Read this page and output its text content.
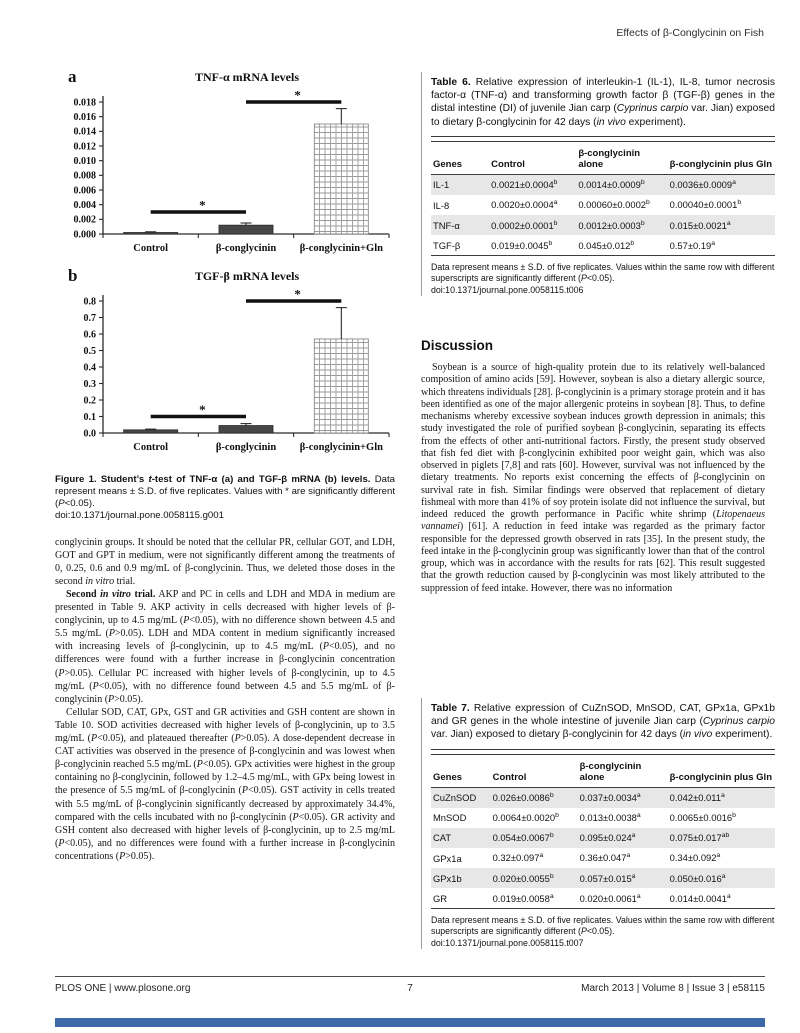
Effects of β-Conglycinin on Fish
a	TNF-α mRNA levels
0.000
0.002
0.004
0.006
0.008
0.010
0.012
0.014
0.016
0.018
*
*
Control	β-conglycinin β-conglycinin+Gln
b	TGF-β mRNA levels
0.0
0.1
0.2
0.3
0.4
0.5
0.6
0.7
0.8
*
*
Control	β-conglycinin β-conglycinin+Gln
Figure 1. Student’s t-test of TNF-α (a) and TGF-β mRNA (b) levels. Data represent means ± S.D. of five replicates. Values with * are significantly different (P<0.05).
doi:10.1371/journal.pone.0058115.g001
conglycinin groups. It should be noted that the cellular PR, cellular GOT, and LDH, GOT and GPT in medium, were not significantly different among the treatments of 0, 0.25, 0.6 and 0.9 mg/mL of β-conglycinin. Thus, we deleted those doses in the second in vitro trial.
Second in vitro trial. AKP and PC in cells and LDH and MDA in medium are presented in Table 9. AKP activity in cells decreased with higher levels of β-conglycinin, up to 4.5 mg/mL (P<0.05), with no difference shown between 4.5 and 5.5 mg/mL (P>0.05). LDH and MDA content in medium significantly increased with increasing levels of β-conglycinin, up to 4.5 mg/mL (P<0.05), and no differences were found with a further increase in β-conglycinin concentration (P>0.05). Cellular PC increased with higher levels of β-conglycinin, up to 4.5 mg/mL (P<0.05), with no difference found between 4.5 and 5.5 mg/mL of β-conglycinin (P>0.05).
Cellular SOD, CAT, GPx, GST and GR activities and GSH content are shown in Table 10. SOD activities decreased with higher levels of β-conglycinin, up to 3.5 mg/mL (P<0.05), and plateaued thereafter (P>0.05). A dose-dependent decrease in CAT activities was observed in the presence of β-conglycinin and was lowest when β-conglycinin reached 5.5 mg/mL (P<0.05). GPx activities were highest in the group containing no β-conglycinin, followed by 1.2–4.5 mg/mL, with GPx being lowest in the presence of 5.5 mg/mL of β-conglycinin (P<0.05). GST activity in cells treated with 5.5 mg/mL of β-conglycinin significantly decreased by approximately 34.4%, compared with the cells incubated with no β-conglycinin (P<0.05). GR activity and GSH content also decreased with higher levels of β-conglycinin, up to 2.5 mg/mL (P<0.05), and no differences were found with a further increase in β-conglycinin concentrations (P>0.05).
Table 6. Relative expression of interleukin-1 (IL-1), IL-8, tumor necrosis factor-α (TNF-α) and transforming growth factor β (TGF-β) genes in the distal intestine (DI) of juvenile Jian carp (Cyprinus carpio var. Jian) exposed to dietary β-conglycinin for 42 days (in vivo experiment).
Genes	Control	β-conglycinin alone	β-conglycinin plus Gln
IL-1	0.0021±0.0004$^b$	0.0014±0.0009$^b$	0.0036±0.0009$^a$
IL-8	0.0020±0.0004$^a$	0.00060±0.0002$^b$	0.00040±0.0001$^b$
TNF-α	0.0002±0.0001$^b$	0.0012±0.0003$^b$	0.015±0.0021$^a$
TGF-β	0.019±0.0045$^b$	0.045±0.012$^b$	0.57±0.19$^a$
Data represent means ± S.D. of five replicates. Values within the same row with different superscripts are significantly different (P<0.05).
doi:10.1371/journal.pone.0058115.t006
Discussion
Soybean is a source of high-quality protein due to its relatively well-balanced composition of amino acids [59]. However, soybean is also a dietary allergic source, which threatens individuals [28]. β-conglycinin is a primary storage protein and it has been identified as one of the major allergenic proteins in soybean [8]. Thus, to define mechanisms whereby excessive soybean induces growth depression in animals; this study investigated the role of purified soybean β-conglycinin, separating its effects from the effects of other anti-nutritional factors. Firstly, the present study observed that fish fed diet with β-conglycinin exhibited poor weight gain, which was also observed in piglets [7,8] and rats [60]. However, survival was not influenced by the dietary treatments. No reports exist concerning the effects of β-conglycinin on survival rate in fish. Similar findings were observed that replacement of dietary fishmeal with more than 41% of soy protein isolate did not influence the survival, but indeed reduced the growth performance in Pacific white shrimp (Litopenaeus vannamei) [61]. A reduction in feed intake was regarded as the primary factor responsible for the depressed growth observed in rats [35]. In the present study, the feed intake in the β-conglycinin group was significantly lower than that of the control group, which was in accordance with the results for rats [62]. This result suggested that the growth reduction caused by β-conglycinin was most likely attributed to the suppression of feed intake. However, there was no information
Table 7. Relative expression of CuZnSOD, MnSOD, CAT, GPx1a, GPx1b and GR genes in the whole intestine of juvenile Jian carp (Cyprinus carpio var. Jian) exposed to dietary β-conglycinin for 42 days (in vivo experiment).
Genes	Control	β-conglycinin alone	β-conglycinin plus Gln
CuZnSOD	0.026±0.0086$^b$	0.037±0.0034$^a$	0.042±0.011$^a$
MnSOD	0.0064±0.0020$^b$	0.013±0.0038$^a$	0.0065±0.0016$^b$
CAT	0.054±0.0067$^b$	0.095±0.024$^a$	0.075±0.017$^{ab}$
GPx1a	0.32±0.097$^a$	0.36±0.047$^a$	0.34±0.092$^a$
GPx1b	0.020±0.0055$^b$	0.057±0.015$^a$	0.050±0.016$^a$
GR	0.019±0.0058$^a$	0.020±0.0061$^a$	0.014±0.0041$^a$
Data represent means ± S.D. of five replicates. Values within the same row with different superscripts are significantly different (P<0.05).
doi:10.1371/journal.pone.0058115.t007
PLOS ONE | www.plosone.org	7	March 2013 | Volume 8 | Issue 3 | e58115
